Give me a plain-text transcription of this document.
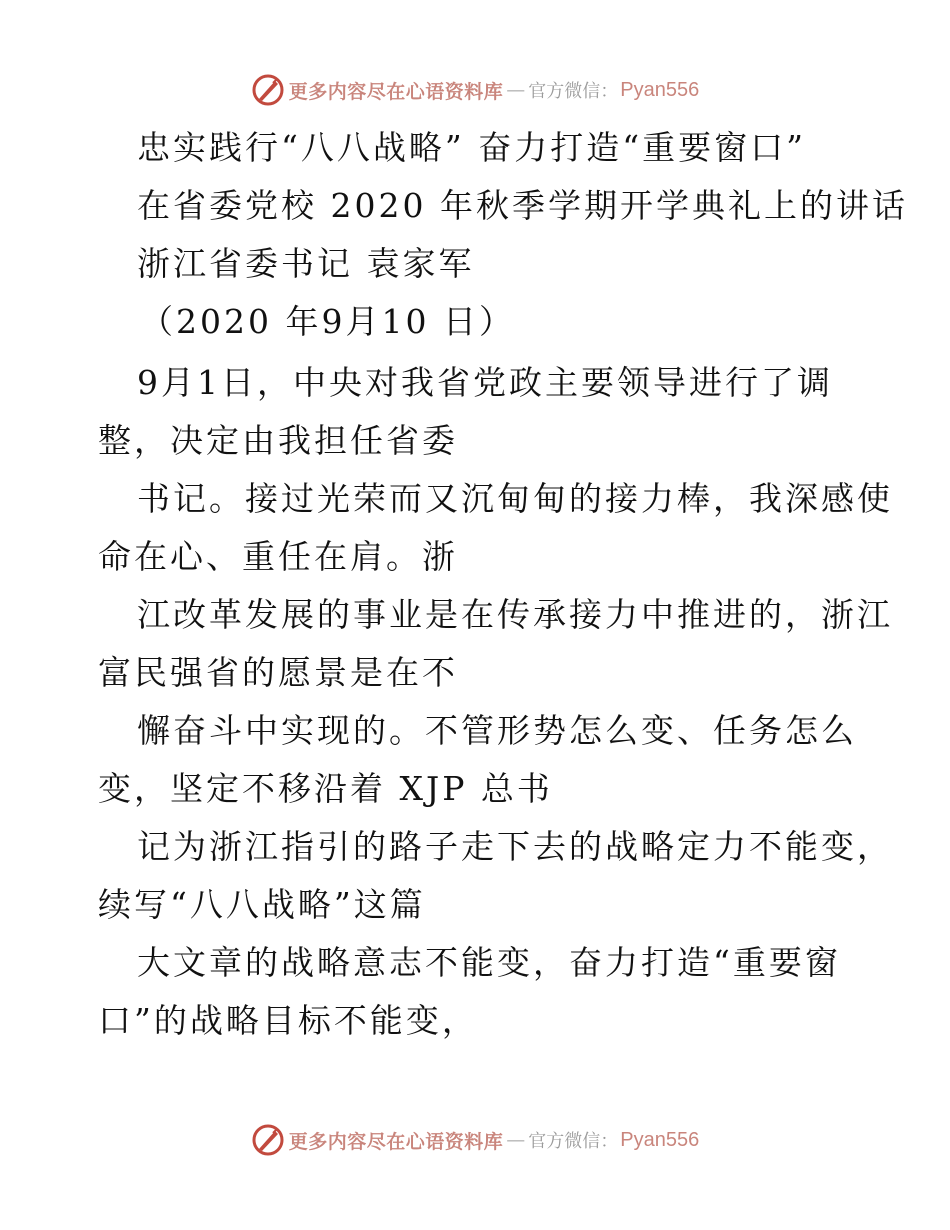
更多内容尽在心语资料库 — 官方微信： Pyan556
忠实践行“八八战略” 奋力打造“重要窗口”
在省委党校 2020 年秋季学期开学典礼上的讲话
浙江省委书记 袁家军
（2020 年9月10 日）
9月1日，中央对我省党政主要领导进行了调
整，决定由我担任省委
书记。接过光荣而又沉甸甸的接力棒，我深感使
命在心、重任在肩。浙
江改革发展的事业是在传承接力中推进的，浙江
富民强省的愿景是在不
懈奋斗中实现的。不管形势怎么变、任务怎么
变，坚定不移沿着 XJP 总书
记为浙江指引的路子走下去的战略定力不能变，
续写“八八战略”这篇
大文章的战略意志不能变，奋力打造“重要窗
口”的战略目标不能变，
更多内容尽在心语资料库 — 官方微信： Pyan556
